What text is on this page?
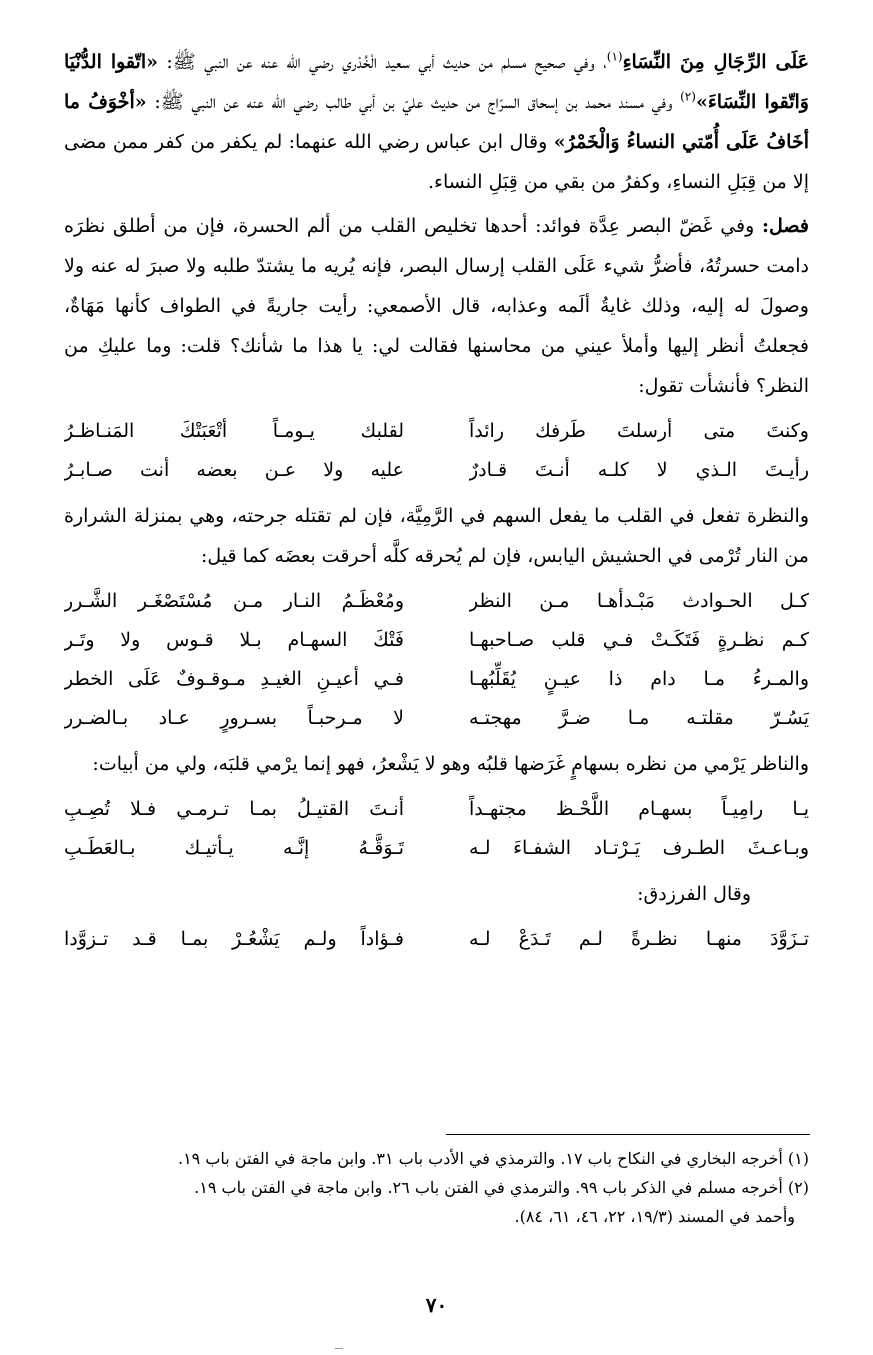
عَلَى الرِّجَالِ مِنَ النِّسَاءِ$^{(١)}$، وفي صحيح مسلم من حديث أبي سعيد الْخُدْري رضي الله عنه عن النبي ﷺ: «اتّقوا الدُّنْيَا وَاتّقوا النِّسَاءَ»$^{(٢)}$ وفي مسند محمد بن إسحاق السرّاج من حديث عليّ بن أبي طالب رضي الله عنه عن النبي ﷺ: «أخْوَفُ ما أخَافُ عَلَى أُمّتي النساءُ وَالْخَمْرُ» وقال ابن عباس رضي الله عنهما: لم يكفر من كفر ممن مضى إلا من قِبَلِ النساءِ، وكفرُ من بقي من قِبَلِ النساء.

فصل: وفي غَضّ البصر عِدَّة فوائد: أحدها تخليص القلب من ألم الحسرة، فإن من أطلق نظرَه دامت حسرتُهُ، فأضرُّ شيء عَلَى القلب إرسال البصر، فإنه يُريه ما يشتدّ طلبه ولا صبرَ له عنه ولا وصولَ له إليه، وذلك غايةُ ألَمه وعذابه، قال الأصمعي: رأيت جاريةً في الطواف كأنها مَهَاةٌ، فجعلتُ أنظر إليها وأملأ عيني من محاسنها فقالت لي: يا هذا ما شأنك؟ قلت: وما عليكِ من النظر؟ فأنشأت تقول:

وكنتَ متى أرسلتَ طَرفك رائداً
لقلبك يـومـاً أتْعَبَتْكَ المَنـاظـرُ
رأيـتَ الـذي لا كلـه أنـتَ قـادرٌ
عليه ولا عـن بعضه أنت صـابـرُ

والنظرة تفعل في القلب ما يفعل السهم في الرَّمِيَّة، فإن لم تقتله جرحته، وهي بمنزلة الشرارة من النار تُرْمى في الحشيش اليابس، فإن لم يُحرقه كلَّه أحرقت بعضَه كما قيل:

كـل الحـوادث مَبْـدأهـا مـن النظر
ومُعْظَـمُ النـار مـن مُسْتَصْغَـر الشَّـرر
كـم نظـرةٍ فَتَكَـتْ فـي قلب صـاحبهـا
فَتْكَ السهـام بـلا قـوس ولا وتَـر
والمـرءُ مـا دام ذا عيـنٍ يُقَلِّبُهـا
فـي أعيـنِ الغيـدِ مـوقـوفٌ عَلَى الخطر
يَسُـرّ مقلتـه مـا ضـرَّ مهجتـه
لا مـرحبـاً بسـرورٍ عـاد بـالضـرر

والناظر يَرْمي من نظره بسهامٍ غَرَضها قلبُه وهو لا يَشْعرُ، فهو إنما يرْمي قلبَه، ولي من أبيات:

يـا رامِيـاً بسهـام اللَّحْـظ مجتهـداً
أنـتَ القتيـلُ بمـا تـرمـي فـلا تُصِـبِ
وبـاعـثَ الطـرف يَـرْتـاد الشفـاءَ لـه
تَـوَقَّـهُ إنَّـه يـأتيـك بـالعَطَـبِ

وقال الفرزدق:

تـزَوَّدَ منهـا نظـرةً لـم تَـدَعْ لـه
فـؤاداً ولـم يَشْعُـرْ بمـا قـد تـزوَّدا

(١) أخرجه البخاري في النكاح باب ١٧. والترمذي في الأدب باب ٣١. وابن ماجة في الفتن باب ١٩.

(٢) أخرجه مسلم في الذكر باب ٩٩. والترمذي في الفتن باب ٢٦. وابن ماجة في الفتن باب ١٩.

وأحمد في المسند (١٩/٣، ٢٢، ٤٦، ٦١، ٨٤).

٧٠
